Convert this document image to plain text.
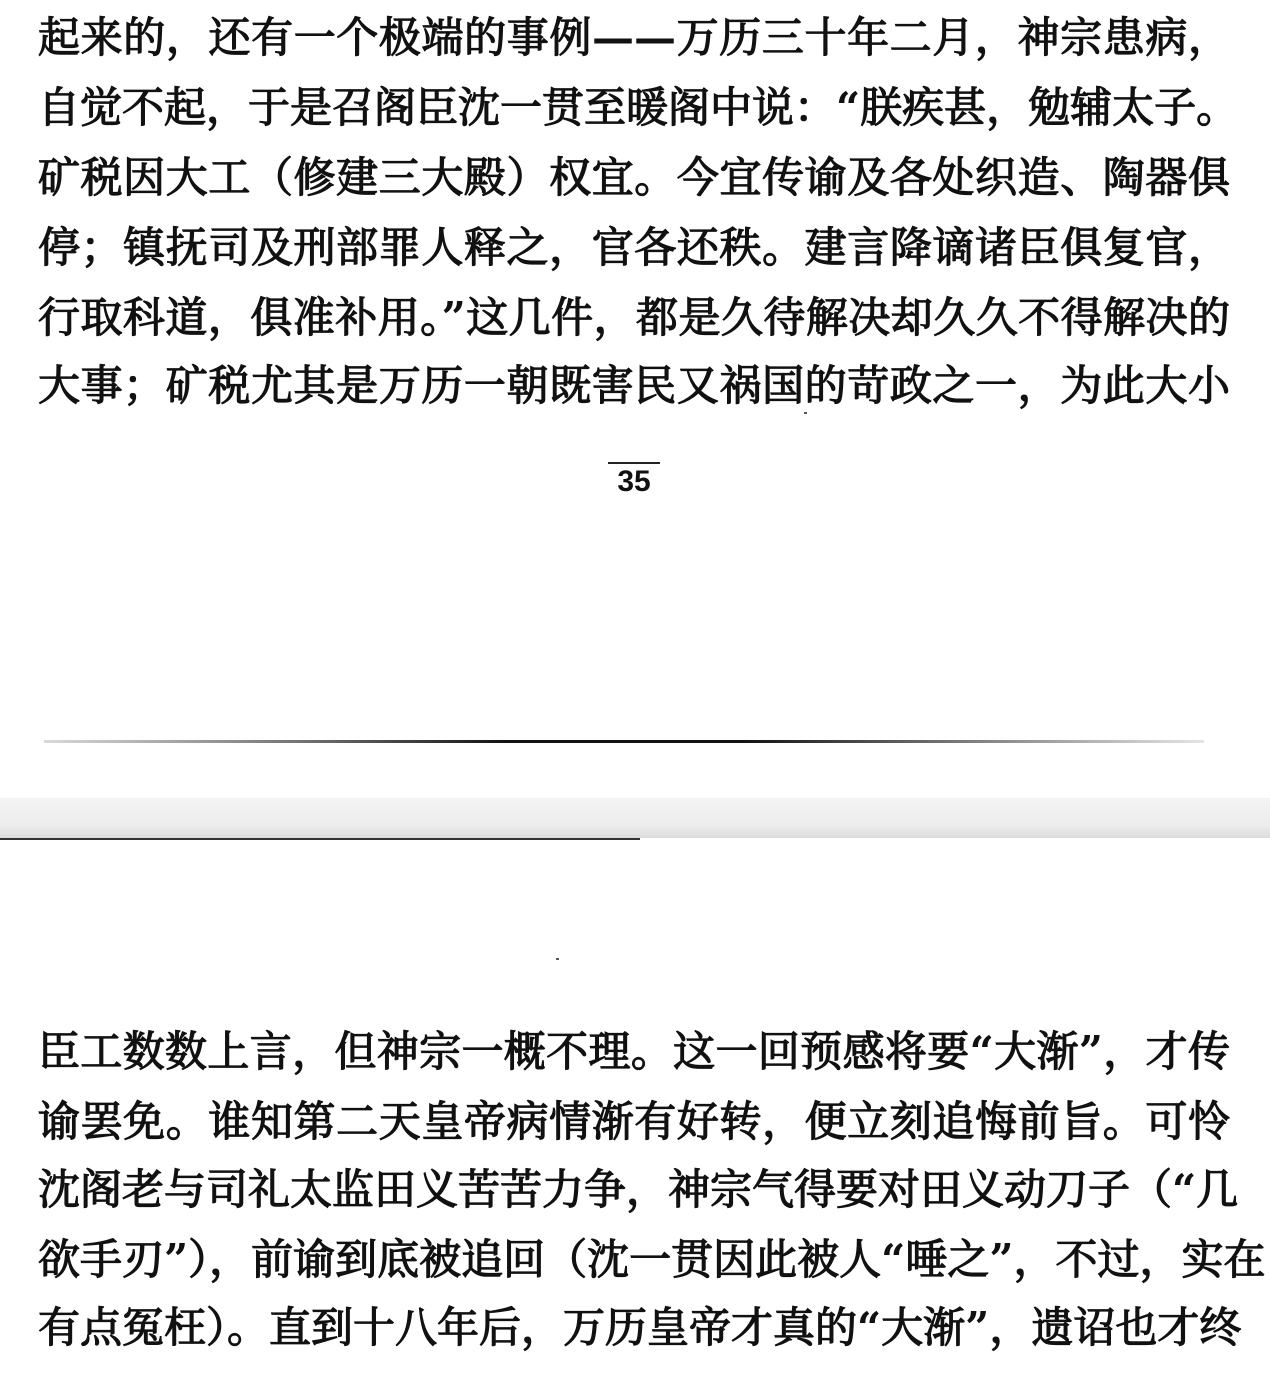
起来的，还有一个极端的事例——万历三十年二月，神宗患病，
自觉不起，于是召阁臣沈一贯至暖阁中说：“朕疾甚，勉辅太子。
矿税因大工（修建三大殿）权宜。今宜传谕及各处织造、陶器俱
停；镇抚司及刑部罪人释之，官各还秩。建言降谪诸臣俱复官，
行取科道，俱准补用。”这几件，都是久待解决却久久不得解决的
大事；矿税尤其是万历一朝既害民又祸国的苛政之一，为此大小
35
臣工数数上言，但神宗一概不理。这一回预感将要“大渐”，才传
谕罢免。谁知第二天皇帝病情渐有好转，便立刻追悔前旨。可怜
沈阁老与司礼太监田义苦苦力争，神宗气得要对田义动刀子（“几
欲手刃”），前谕到底被追回（沈一贯因此被人“唾之”，不过，实在
有点冤枉）。直到十八年后，万历皇帝才真的“大渐”，遗诏也才终
